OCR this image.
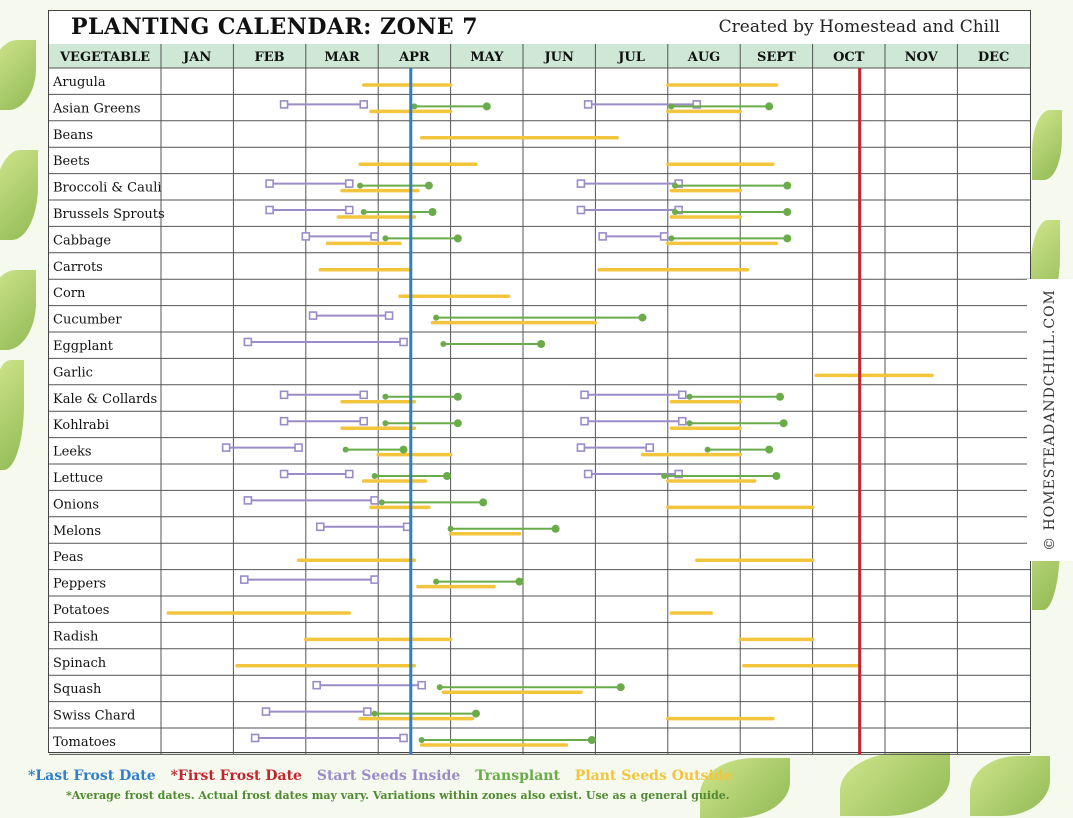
PLANTING CALENDAR: ZONE 7	Created by Homestead and Chill
VEGETABLE	JAN	FEB	MAR	APR	MAY	JUN	JUL	AUG	SEPT	OCT	NOV	DEC
Arugula
Asian Greens
Beans
Beets
Broccoli & Cauli
Brussels Sprouts
Cabbage
Carrots
Corn
Cucumber
Eggplant
Garlic
Kale & Collards
Kohlrabi
Leeks
Lettuce
Onions
Melons
Peas
Peppers
Potatoes
Radish
Spinach
Squash
Swiss Chard
Tomatoes
© HOMESTEADANDCHILL.COM
*Last Frost Date *First Frost Date Start Seeds Inside Transplant Plant Seeds Outside
*Average frost dates. Actual frost dates may vary. Variations within zones also exist. Use as a general guide.
